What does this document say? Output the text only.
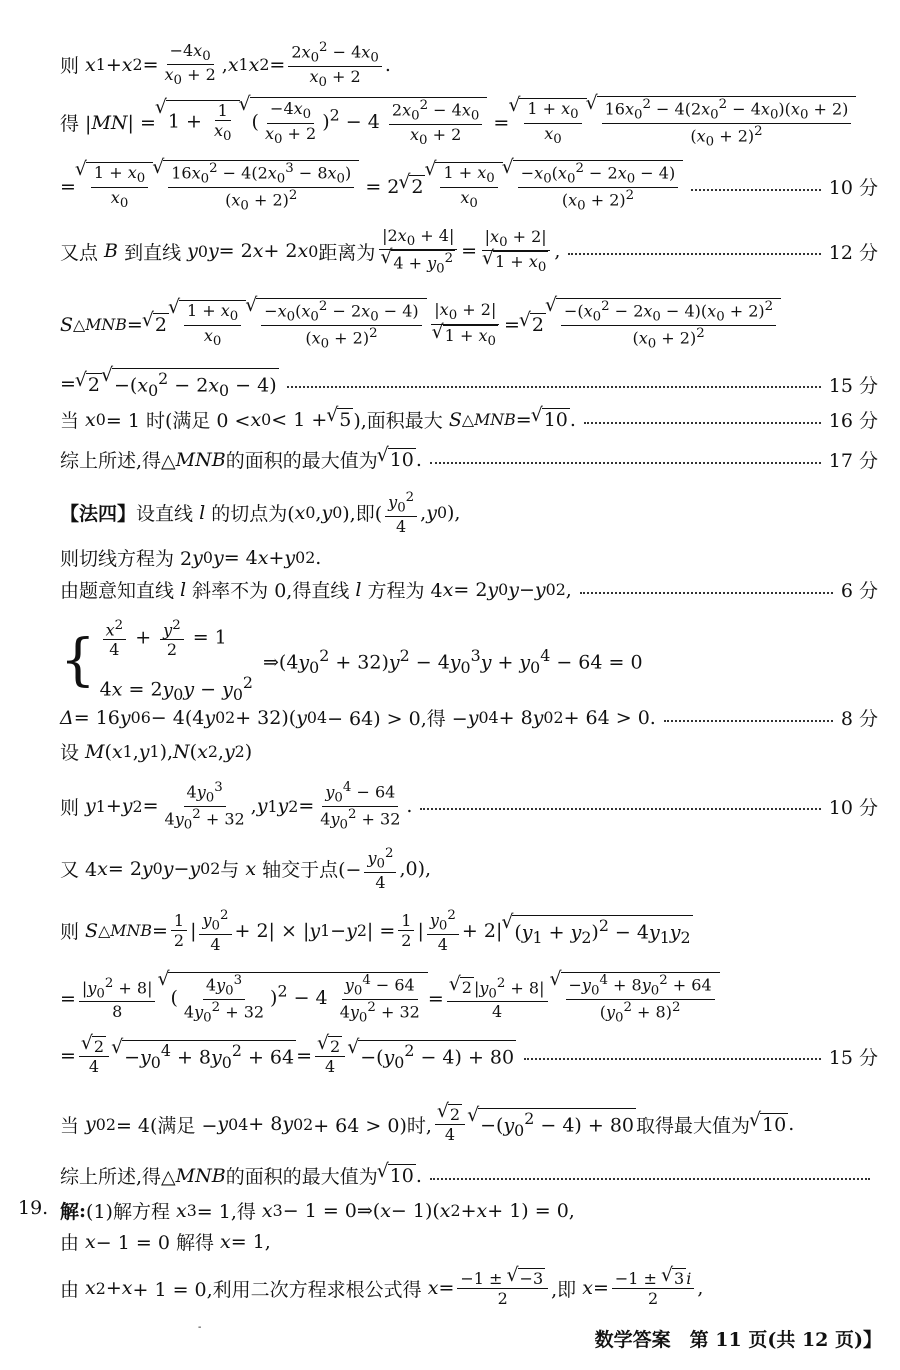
则 x 1 + x $2 = \frac{-4x_0}{x_0 + 2}$ , x 1 x $2 = \frac{2x_0^2 - 4x_0}{x_0 + 2}$ .
得 | MN | = √ $1 + \frac{1}{x_0}$ √ ( $\frac{-4x_0}{x_0 + 2} )^2 - 4 \frac{2x_0^2 - 4x_0}{x_0 + 2}$ = √ $\frac{1 + x_0}{x_0}$ √ $\frac{16x_0^2 - 4(2x_0^2 - 4x_0)(x_0 + 2)}{(x_0 + 2)^2}$
= √ $\frac{1 + x_0}{x_0}$ √ $\frac{16x_0^2 - 4(2x_0^3 - 8x_0)}{(x_0 + 2)^2} = 2$ √ 2 √ $\frac{1 + x_0}{x_0}$ √ $\frac{-x_0(x_0^2 - 2x_0 - 4)}{(x_0 + 2)^2}$	10 分
又点 B 到直线 y 0 y = 2 x + 2 x 0 距离为 $|2x_0 + 4|$
√ $4 + y_0^2 = |x_0 + 2|$
√ $1 + x_0$ ,	12 分
S △MNB = √ 2 √ $\frac{1 + x_0}{x_0}$ √ $\frac{-x_0(x_0^2 - 2x_0 - 4)}{(x_0 + 2)^2} |x_0 + 2|$
√ $1 + x_0$ = √ 2 √ $\frac{-(x_0^2 - 2x_0 - 4)(x_0 + 2)^2}{(x_0 + 2)^2}$
= √ 2 √ $-(x_0^2 - 2x_0 - 4)$	15 分
当 x 0 = 1 时(满足 0 < x 0 < 1 + √ 5 ),面积最大 S △MNB = √ 10 .	16 分
综上所述,得△ MNB 的面积的最大值为 √ 10 .	17 分
【法四】 设直线 l 的切点为( x 0 , y 0 ),即( $\frac{y_0^2}{4}$ , y 0 ),
则切线方程为 2 y 0 y = 4 x + y 0 2 .
由题意知直线 l 斜率不为 0,得直线 l 方程为 4 x = 2 y 0 y − y 0 2 ,	6 分
{ $\frac{x^2}{4} + \frac{y^2}{2} = 1$
$4x = 2y_0y - y_0^2$
$\Rightarrow(4y_0^2 + 32)y^2 - 4y_0^3y + y_0^4 - 64 = 0$
Δ = 16 y 0 6 − 4(4 y 0 2 + 32)( y 0 4 − 64) > 0,得 − y 0 4 + 8 y 0 2 + 64 > 0.	8 分
设 M ( x 1 , y 1 ), N ( x 2 , y 2 )
则 y 1 + y $2 = \frac{4y_0^3}{4y_0^2 + 32}$ , y 1 y $2 = \frac{y_0^4 - 64}{4y_0^2 + 32}$ .	10 分
又 4 x = 2 y 0 y − y 0 2 与 x 轴交于点(− $\frac{y_0^2}{4} ,0$),
则 S △MNB = $\frac{1}{2}$ | $\frac{y_0^2}{4} + 2|$ × | y 1 − y 2 | = $\frac{1}{2}$ | $\frac{y_0^2}{4} + 2|$ √ $(y_1 + y_2)^2 - 4y_1y_2$
= $\frac{|y_0^2 + 8|}{8}$ √ ( $\frac{4y_0^3}{4y_0^2 + 32} )^2 - 4 \frac{y_0^4 - 64}{4y_0^2 + 32}$ = √ $\frac{2 |y_0^2 + 8|}{4}$ √ $\frac{-y_0^4 + 8y_0^2 + 64}{(y_0^2 + 8)^2}$
= √ $\frac{2}{4}$ √ $-y_0^4 + 8y_0^2 + 64$ = √ $\frac{2}{4}$ √ $-(y_0^2 - 4) + 80$	15 分
当 y 0 2 = 4(满足 − y 0 4 + 8 y 0 2 + 64 > 0)时, √ $\frac{2}{4}$ √ $-(y_0^2 - 4) + 80$ 取得最大值为 √ 10 .
综上所述,得△ MNB 的面积的最大值为 √ 10 .
19. 解 : (1)解方程 x 3 = 1,得 x 3 − 1 = 0⇒( x − 1)( x 2 + x + 1) = 0,
由 x − 1 = 0 解得 x = 1,
由 x 2 + x + 1 = 0,利用二次方程求根公式得 $x = \frac{-1 \pm √ -3}{2}$ ,即 $x = \frac{-1 \pm √ 3 i}{2}$ ,
-
数学答案　第 11 页(共 12 页)】
